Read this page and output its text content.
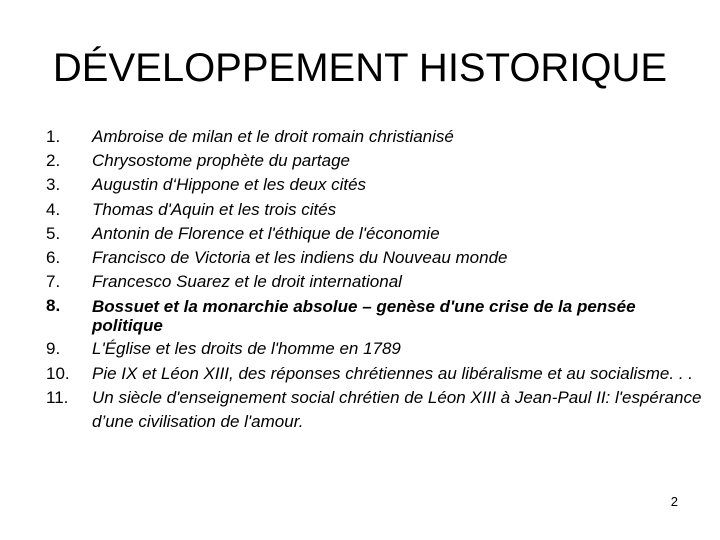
DÉVELOPPEMENT HISTORIQUE
1. Ambroise de milan et le droit romain christianisé
2. Chrysostome prophète du partage
3. Augustin d‘Hippone et les deux cités
4. Thomas d'Aquin et les trois cités
5. Antonin de Florence et l'éthique de l'économie
6. Francisco de Victoria et les indiens du Nouveau monde
7. Francesco Suarez et le droit international
8. Bossuet et la monarchie absolue – genèse d'une crise de la pensée politique
9. L'Église et les droits de l'homme en 1789
10. Pie IX et Léon XIII, des réponses chrétiennes au libéralisme et au socialisme. . .
11. Un siècle d'enseignement social chrétien de Léon XIII à Jean-Paul II: l'espérance d’une civilisation de l'amour.
2
